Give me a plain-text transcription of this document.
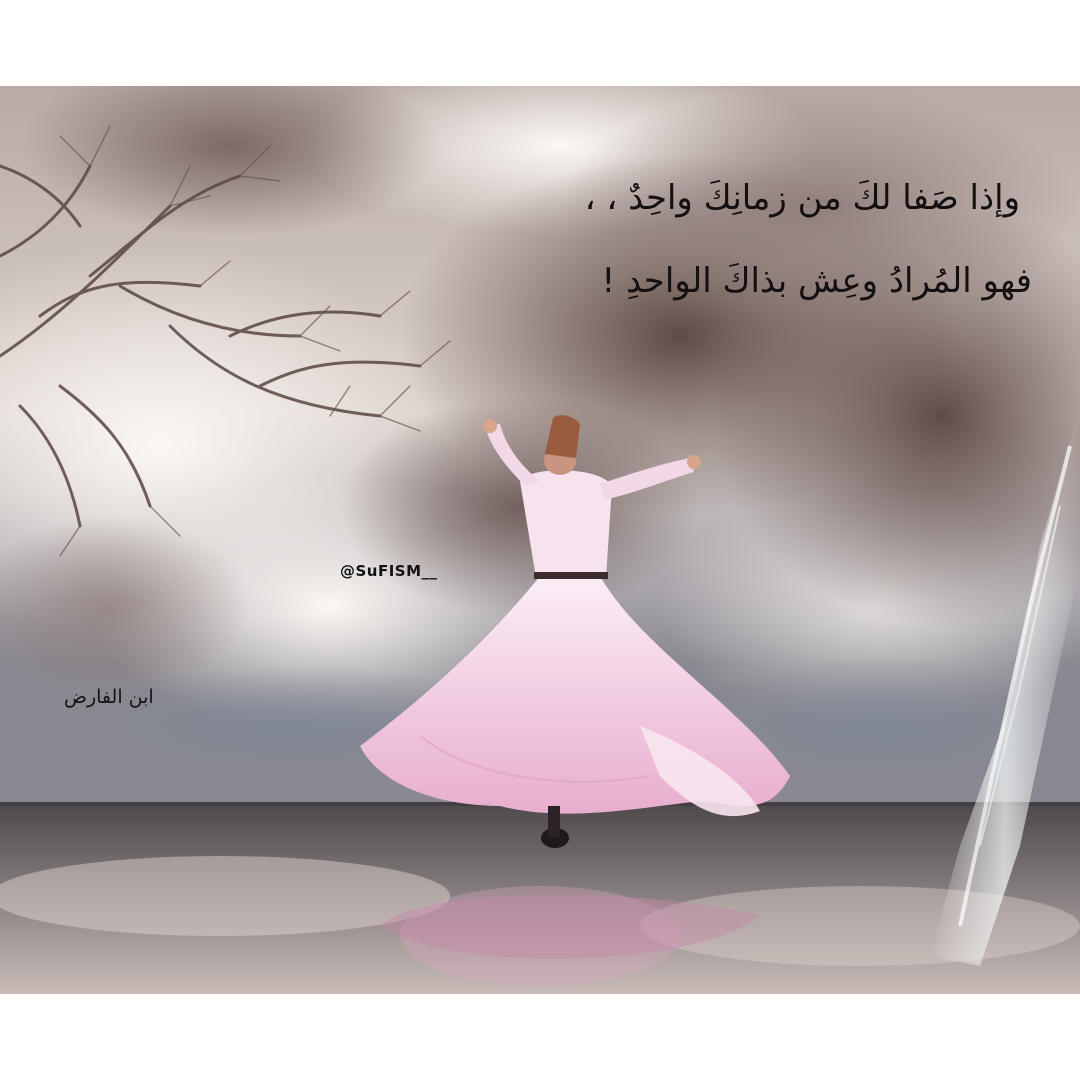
وإذا صَفا لكَ من زمانِكَ واحِدٌ ، ،
فهو المُرادُ وعِش بذاكَ الواحدِ !
@SuFISM__
ابن الفارض
